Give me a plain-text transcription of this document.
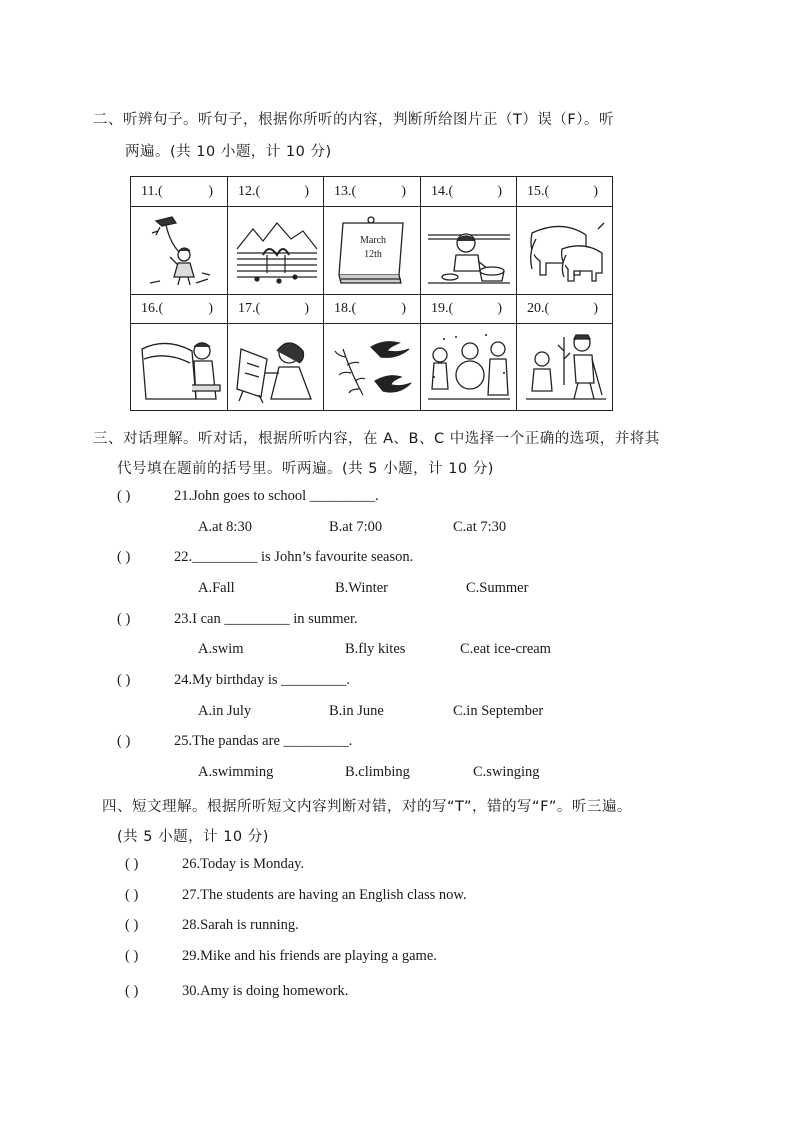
二、听辨句子。听句子，根据你所听的内容，判断所给图片正（T）误（F）。听
两遍。(共 10 小题，计 10 分)
11.(	) 12.(	) 13.(	) 14.(	) 15.(	)
March
12th
16.(	) 17.(	) 18.(	) 19.(	) 20.(	)
三、对话理解。听对话，根据所听内容，在 A、B、C 中选择一个正确的选项，并将其
代号填在题前的括号里。听两遍。(共 5 小题，计 10 分)
( )	21.John goes to school _________.
A.at 8:30	B.at 7:00	C.at 7:30
( )	22._________ is John’s favourite season.
A.Fall	B.Winter	C.Summer
( )	23.I can _________ in summer.
A.swim	B.fly kites	C.eat ice-cream
( )	24.My birthday is _________.
A.in July	B.in June	C.in September
( )	25.The pandas are _________.
A.swimming	B.climbing	C.swinging
四、短文理解。根据所听短文内容判断对错，对的写“T”，错的写“F”。听三遍。
(共 5 小题，计 10 分)
( )	26.Today is Monday.
( )	27.The students are having an English class now.
( )	28.Sarah is running.
( )	29.Mike and his friends are playing a game.
( )	30.Amy is doing homework.
